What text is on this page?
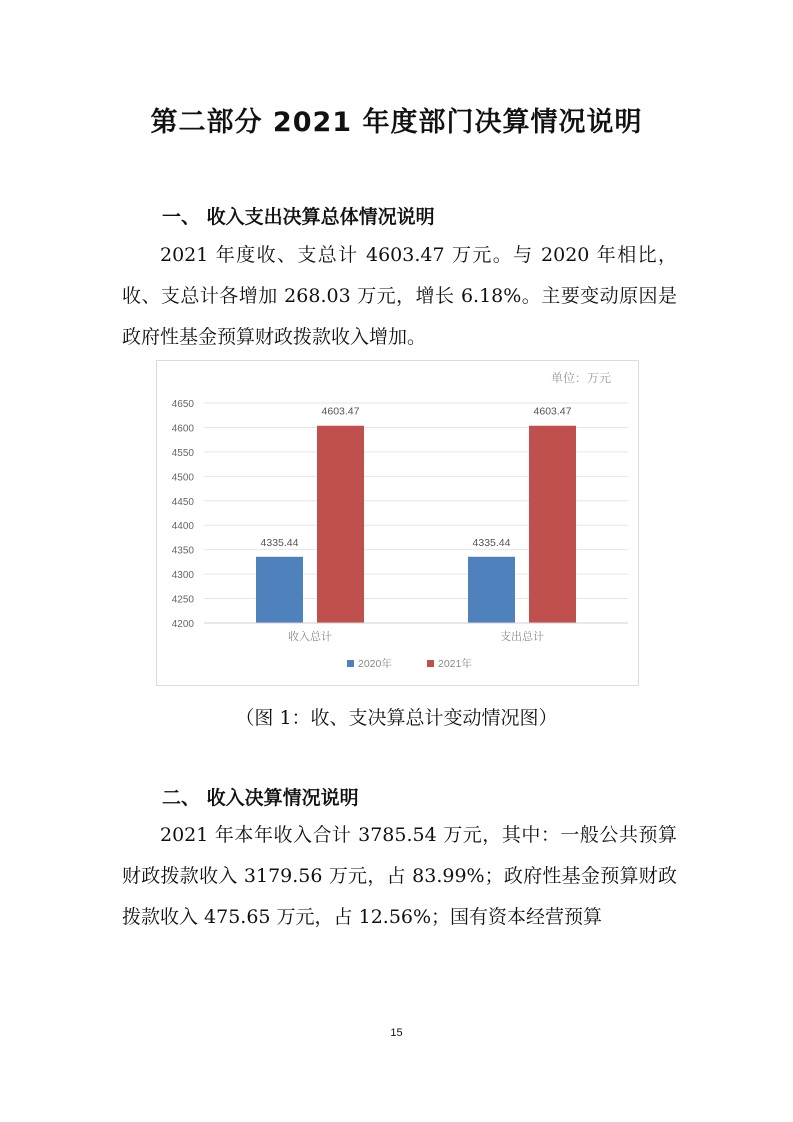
第二部分 2021 年度部门决算情况说明
一、 收入支出决算总体情况说明

2021 年度收、支总计 4603.47 万元。与 2020 年相比，收、支总计各增加 268.03 万元，增长 6.18%。主要变动原因是政府性基金预算财政拨款收入增加。

单位：万元
4200
4250
4300
4350
4400
4450
4500
4550
4600
4650
4335.44
4603.47
收入总计
4335.44
4603.47
支出总计
2020年	2021年
（图 1：收、支决算总计变动情况图）
二、 收入决算情况说明

2021 年本年收入合计 3785.54 万元，其中：一般公共预算财政拨款收入 3179.56 万元，占 83.99%；政府性基金预算财政拨款收入 475.65 万元，占 12.56%；国有资本经营预算

15
